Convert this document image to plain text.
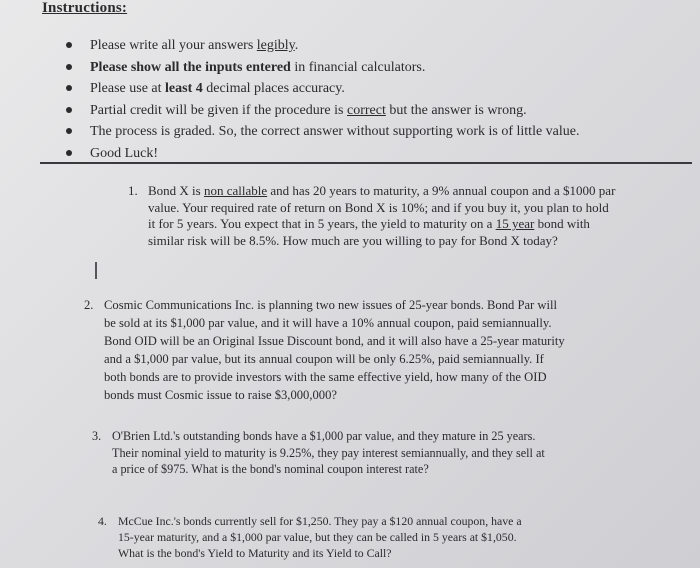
Instructions:
Please write all your answers legibly.
Please show all the inputs entered in financial calculators.
Please use at least 4 decimal places accuracy.
Partial credit will be given if the procedure is correct but the answer is wrong.
The process is graded. So, the correct answer without supporting work is of little value.
Good Luck!
1. Bond X is non callable and has 20 years to maturity, a 9% annual coupon and a $1000 par
value. Your required rate of return on Bond X is 10%; and if you buy it, you plan to hold
it for 5 years. You expect that in 5 years, the yield to maturity on a 15 year bond with
similar risk will be 8.5%. How much are you willing to pay for Bond X today?
2. Cosmic Communications Inc. is planning two new issues of 25-year bonds. Bond Par will
be sold at its $1,000 par value, and it will have a 10% annual coupon, paid semiannually.
Bond OID will be an Original Issue Discount bond, and it will also have a 25-year maturity
and a $1,000 par value, but its annual coupon will be only 6.25%, paid semiannually. If
both bonds are to provide investors with the same effective yield, how many of the OID
bonds must Cosmic issue to raise $3,000,000?
3. O'Brien Ltd.'s outstanding bonds have a $1,000 par value, and they mature in 25 years.
Their nominal yield to maturity is 9.25%, they pay interest semiannually, and they sell at
a price of $975. What is the bond's nominal coupon interest rate?
4. McCue Inc.'s bonds currently sell for $1,250. They pay a $120 annual coupon, have a
15-year maturity, and a $1,000 par value, but they can be called in 5 years at $1,050.
What is the bond's Yield to Maturity and its Yield to Call?
